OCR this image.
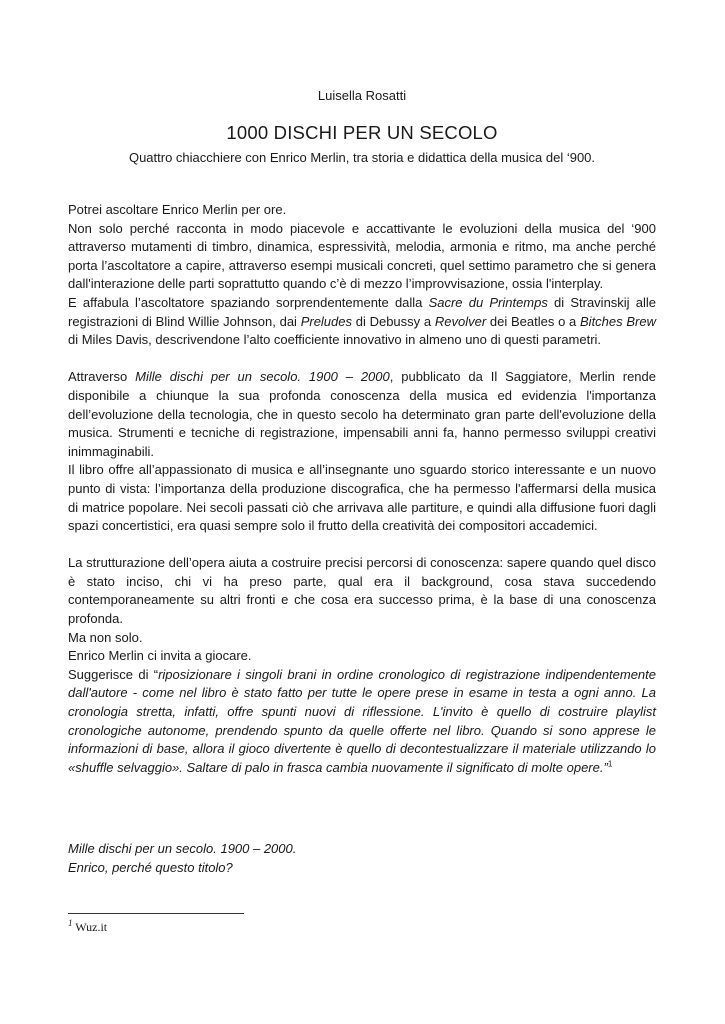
Luisella Rosatti
1000 DISCHI PER UN SECOLO
Quattro chiacchiere con Enrico Merlin, tra storia e didattica della musica del ‘900.

Potrei ascoltare Enrico Merlin per ore.

Non solo perché racconta in modo piacevole e accattivante le evoluzioni della musica del ‘900 attraverso mutamenti di timbro, dinamica, espressività, melodia, armonia e ritmo, ma anche perché porta l’ascoltatore a capire, attraverso esempi musicali concreti, quel settimo parametro che si genera dall'interazione delle parti soprattutto quando c’è di mezzo l’improvvisazione, ossia l'interplay.

E affabula l’ascoltatore spaziando sorprendentemente dalla Sacre du Printemps di Stravinskij alle registrazioni di Blind Willie Johnson, dai Preludes di Debussy a Revolver dei Beatles o a Bitches Brew di Miles Davis, descrivendone l’alto coefficiente innovativo in almeno uno di questi parametri.

Attraverso Mille dischi per un secolo. 1900 – 2000, pubblicato da Il Saggiatore, Merlin rende disponibile a chiunque la sua profonda conoscenza della musica ed evidenzia l'importanza dell’evoluzione della tecnologia, che in questo secolo ha determinato gran parte dell'evoluzione della musica. Strumenti e tecniche di registrazione, impensabili anni fa, hanno permesso sviluppi creativi inimmaginabili.

Il libro offre all’appassionato di musica e all’insegnante uno sguardo storico interessante e un nuovo punto di vista: l’importanza della produzione discografica, che ha permesso l'affermarsi della musica di matrice popolare. Nei secoli passati ciò che arrivava alle partiture, e quindi alla diffusione fuori dagli spazi concertistici, era quasi sempre solo il frutto della creatività dei compositori accademici.

La strutturazione dell’opera aiuta a costruire precisi percorsi di conoscenza: sapere quando quel disco è stato inciso, chi vi ha preso parte, qual era il background, cosa stava succedendo contemporaneamente su altri fronti e che cosa era successo prima, è la base di una conoscenza profonda.

Ma non solo.

Enrico Merlin ci invita a giocare.

Suggerisce di “riposizionare i singoli brani in ordine cronologico di registrazione indipendentemente dall'autore - come nel libro è stato fatto per tutte le opere prese in esame in testa a ogni anno. La cronologia stretta, infatti, offre spunti nuovi di riflessione. L'invito è quello di costruire playlist cronologiche autonome, prendendo spunto da quelle offerte nel libro. Quando si sono apprese le informazioni di base, allora il gioco divertente è quello di decontestualizzare il materiale utilizzando lo «shuffle selvaggio». Saltare di palo in frasca cambia nuovamente il significato di molte opere.”$^1$

Mille dischi per un secolo. 1900 – 2000.

Enrico, perché questo titolo?

$^1$ Wuz.it
